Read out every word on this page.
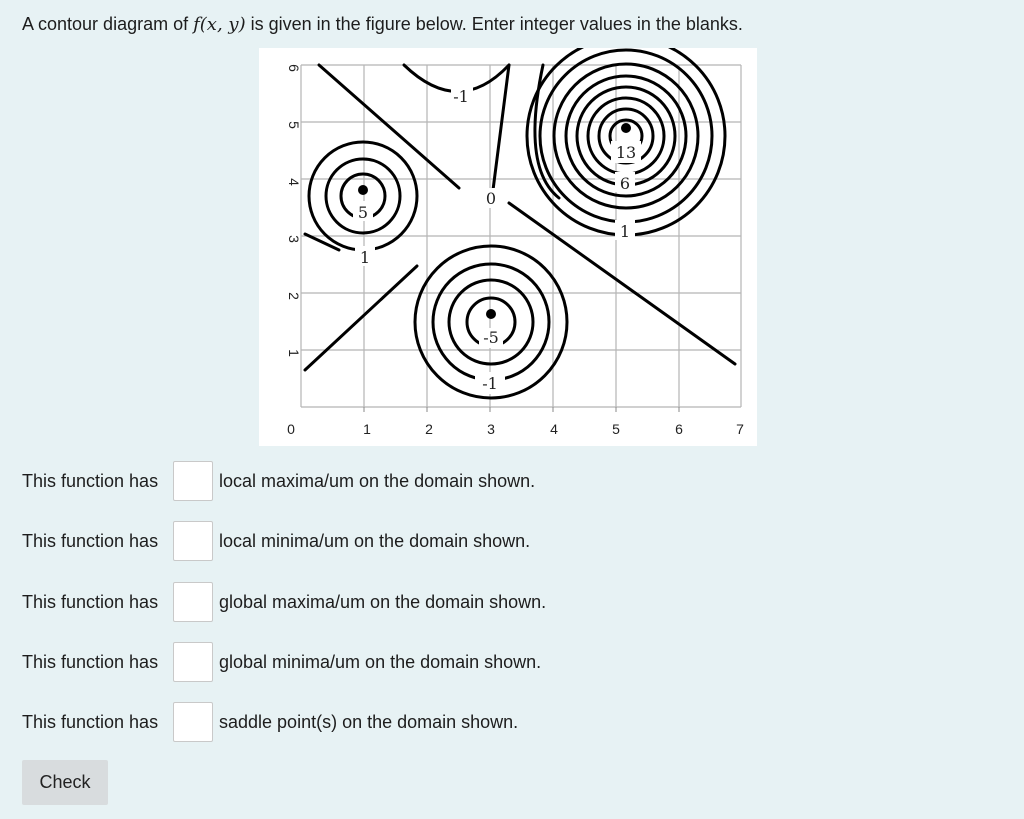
A contour diagram of f(x, y) is given in the figure below. Enter integer values in the blanks.
-1
5
1
0
13
6
1
-5
-1
0	1	2	3	4	5	6	7
6
5
4
3
2
1
This function has	local maxima/um on the domain shown.
This function has	local minima/um on the domain shown.
This function has	global maxima/um on the domain shown.
This function has	global minima/um on the domain shown.
This function has	saddle point(s) on the domain shown.
Check
